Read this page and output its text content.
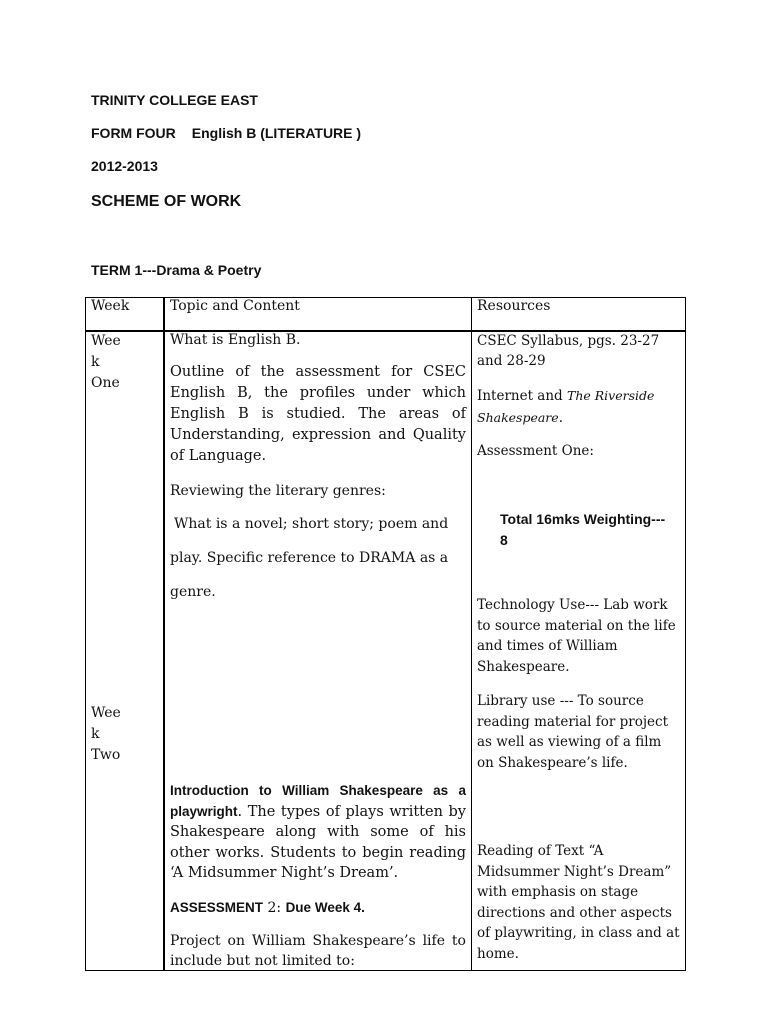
TRINITY COLLEGE EAST
FORM FOUR English B (LITERATURE )
2012-2013
SCHEME OF WORK
TERM 1---Drama & Poetry
Week	Topic and Content	Resources
Wee
k
One
Wee
k
Two
What is English B.
Outline of the assessment for CSEC English B, the profiles under which English B is studied. The areas of Understanding, expression and Quality of Language.
Reviewing the literary genres:
What is a novel; short story; poem and
play. Specific reference to DRAMA as a
genre.
Introduction to William Shakespeare as a playwright. The types of plays written by Shakespeare along with some of his other works. Students to begin reading ‘A Midsummer Night’s Dream’.
ASSESSMENT 2: Due Week 4.
Project on William Shakespeare’s life to include but not limited to:
CSEC Syllabus, pgs. 23-27 and 28-29
Internet and The Riverside Shakespeare.
Assessment One:
Total 16mks Weighting--- 8
Technology Use--- Lab work to source material on the life and times of William Shakespeare.
Library use --- To source reading material for project as well as viewing of a film on Shakespeare’s life.
Reading of Text “A Midsummer Night’s Dream” with emphasis on stage directions and other aspects of playwriting, in class and at home.
